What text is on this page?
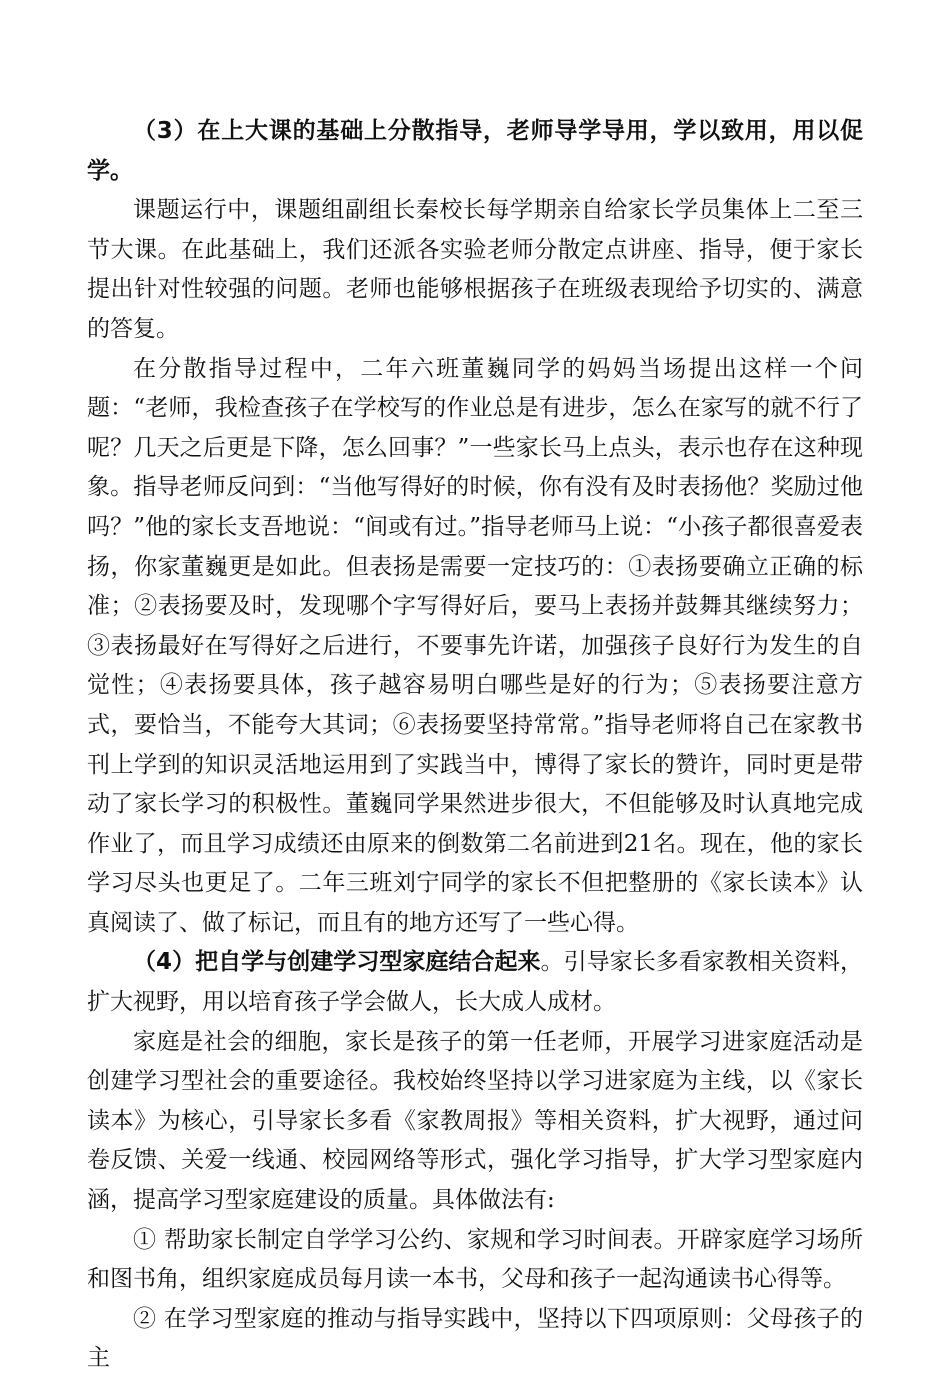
（3）在上大课的基础上分散指导，老师导学导用，学以致用，用以促学。

课题运行中，课题组副组长秦校长每学期亲自给家长学员集体上二至三节大课。在此基础上，我们还派各实验老师分散定点讲座、指导，便于家长提出针对性较强的问题。老师也能够根据孩子在班级表现给予切实的、满意的答复。

在分散指导过程中，二年六班董巍同学的妈妈当场提出这样一个问题：“老师，我检查孩子在学校写的作业总是有进步，怎么在家写的就不行了呢？几天之后更是下降，怎么回事？”一些家长马上点头，表示也存在这种现象。指导老师反问到：“当他写得好的时候，你有没有及时表扬他？奖励过他吗？”他的家长支吾地说：“间或有过。”指导老师马上说：“小孩子都很喜爱表扬，你家董巍更是如此。但表扬是需要一定技巧的：①表扬要确立正确的标准；②表扬要及时，发现哪个字写得好后，要马上表扬并鼓舞其继续努力；③表扬最好在写得好之后进行，不要事先许诺，加强孩子良好行为发生的自觉性；④表扬要具体，孩子越容易明白哪些是好的行为；⑤表扬要注意方式，要恰当，不能夸大其词；⑥表扬要坚持常常。”指导老师将自己在家教书刊上学到的知识灵活地运用到了实践当中，博得了家长的赞许，同时更是带动了家长学习的积极性。董巍同学果然进步很大，不但能够及时认真地完成作业了，而且学习成绩还由原来的倒数第二名前进到21名。现在，他的家长学习尽头也更足了。二年三班刘宁同学的家长不但把整册的《家长读本》认真阅读了、做了标记，而且有的地方还写了一些心得。

（4）把自学与创建学习型家庭结合起来。引导家长多看家教相关资料，扩大视野，用以培育孩子学会做人，长大成人成材。

家庭是社会的细胞，家长是孩子的第一任老师，开展学习进家庭活动是创建学习型社会的重要途径。我校始终坚持以学习进家庭为主线，以《家长读本》为核心，引导家长多看《家教周报》等相关资料，扩大视野，通过问卷反馈、关爱一线通、校园网络等形式，强化学习指导，扩大学习型家庭内涵，提高学习型家庭建设的质量。具体做法有:

① 帮助家长制定自学学习公约、家规和学习时间表。开辟家庭学习场所和图书角，组织家庭成员每月读一本书，父母和孩子一起沟通读书心得等。

② 在学习型家庭的推动与指导实践中，坚持以下四项原则：父母孩子的主
